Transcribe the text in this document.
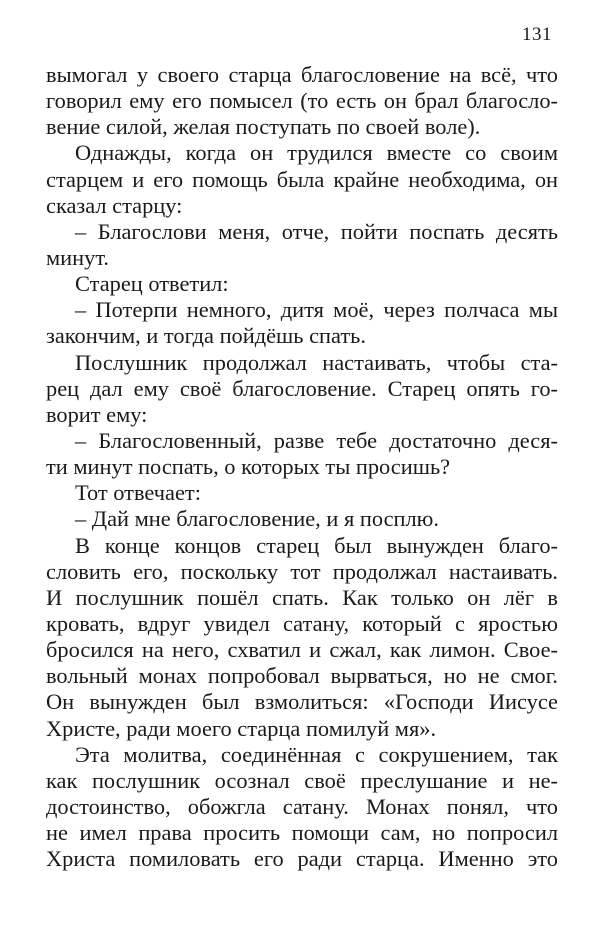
131
вымогал у своего старца благословение на всё, что
говорил ему его помысел (то есть он брал благосло-
вение силой, желая поступать по своей воле).
Однажды, когда он трудился вместе со своим
старцем и его помощь была крайне необходима, он
сказал старцу:
– Благослови меня, отче, пойти поспать десять
минут.
Старец ответил:
– Потерпи немного, дитя моё, через полчаса мы
закончим, и тогда пойдёшь спать.
Послушник продолжал настаивать, чтобы ста-
рец дал ему своё благословение. Старец опять го-
ворит ему:
– Благословенный, разве тебе достаточно деся-
ти минут поспать, о которых ты просишь?
Тот отвечает:
– Дай мне благословение, и я посплю.
В конце концов старец был вынужден благо-
словить его, поскольку тот продолжал настаивать.
И послушник пошёл спать. Как только он лёг в
кровать, вдруг увидел сатану, который с яростью
бросился на него, схватил и сжал, как лимон. Свое-
вольный монах попробовал вырваться, но не смог.
Он вынужден был взмолиться: «Господи Иисусе
Христе, ради моего старца помилуй мя».
Эта молитва, соединённая с сокрушением, так
как послушник осознал своё преслушание и не-
достоинство, обожгла сатану. Монах понял, что
не имел права просить помощи сам, но попросил
Христа помиловать его ради старца. Именно это
